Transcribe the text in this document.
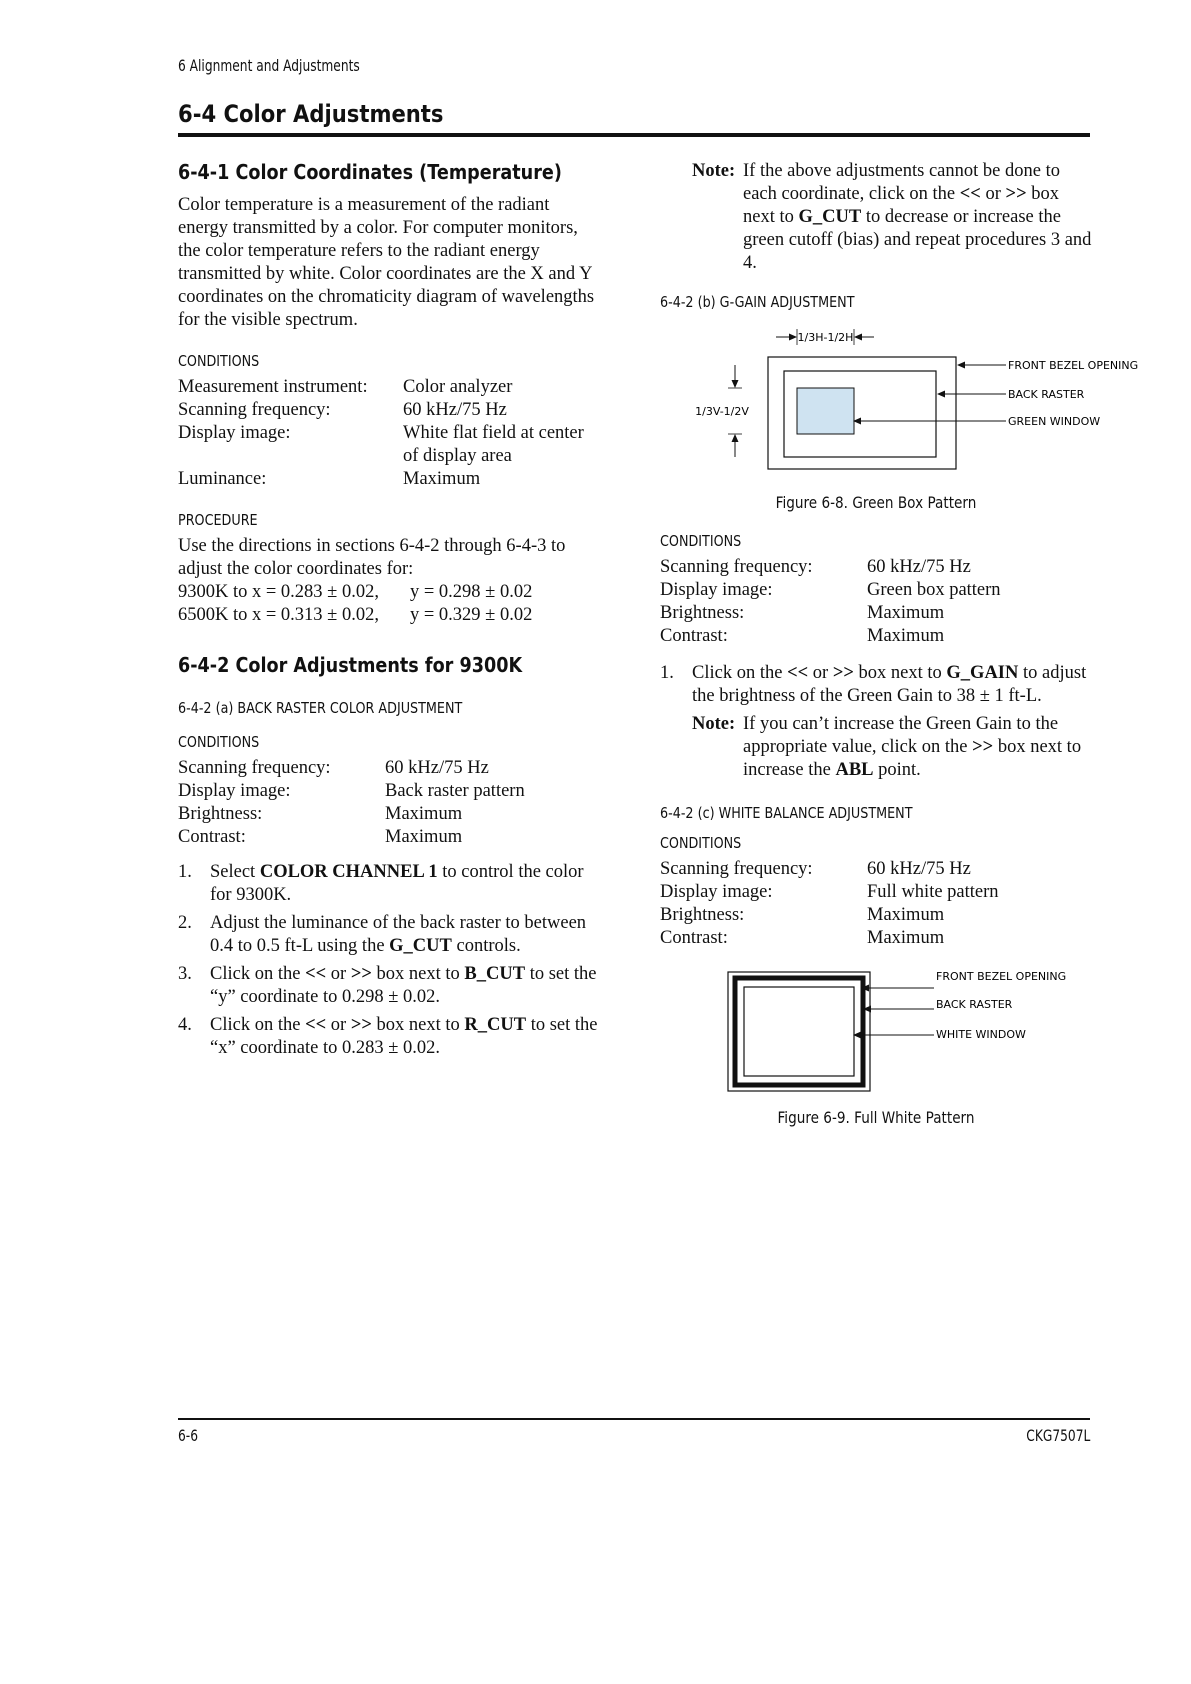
6 Alignment and Adjustments
6-4 Color Adjustments
6-4-1 Color Coordinates (Temperature)

Color temperature is a measurement of the radiant energy transmitted by a color. For computer monitors, the color temperature refers to the radiant energy transmitted by white. Color coordinates are the X and Y coordinates on the chromaticity diagram of wavelengths for the visible spectrum.

CONDITIONS

Measurement instrument:	Color analyzer
Scanning frequency:	60 kHz/75 Hz
Display image:	White flat field at center of display area
Luminance:	Maximum

PROCEDURE

Use the directions in sections 6-4-2 through 6-4-3 to adjust the color coordinates for:

9300K to x = 0.283 ± 0.02,	y = 0.298 ± 0.02
6500K to x = 0.313 ± 0.02,	y = 0.329 ± 0.02
6-4-2 Color Adjustments for 9300K

6-4-2 (a) BACK RASTER COLOR ADJUSTMENT

CONDITIONS

Scanning frequency:	60 kHz/75 Hz
Display image:	Back raster pattern
Brightness:	Maximum
Contrast:	Maximum
1. Select COLOR CHANNEL 1 to control the color for 9300K.
2. Adjust the luminance of the back raster to between 0.4 to 0.5 ft-L using the G_CUT controls.
3. Click on the << or >> box next to B_CUT to set the “y” coordinate to 0.298 ± 0.02.
4. Click on the << or >> box next to R_CUT to set the “x” coordinate to 0.283 ± 0.02.
Note: If the above adjustments cannot be done to each coordinate, click on the << or >> box next to G_CUT to decrease or increase the green cutoff (bias) and repeat procedures 3 and 4.

6-4-2 (b) G-GAIN ADJUSTMENT

1/3H-1/2H
1/3V-1/2V
FRONT BEZEL OPENING
BACK RASTER
GREEN WINDOW
Figure 6-8. Green Box Pattern

CONDITIONS

Scanning frequency:	60 kHz/75 Hz
Display image:	Green box pattern
Brightness:	Maximum
Contrast:	Maximum
1. Click on the << or >> box next to G_GAIN to adjust the brightness of the Green Gain to 38 ± 1 ft-L.
Note: If you can’t increase the Green Gain to the appropriate value, click on the >> box next to increase the ABL point.

6-4-2 (c) WHITE BALANCE ADJUSTMENT

CONDITIONS

Scanning frequency:	60 kHz/75 Hz
Display image:	Full white pattern
Brightness:	Maximum
Contrast:	Maximum
FRONT BEZEL OPENING
BACK RASTER
WHITE WINDOW
Figure 6-9. Full White Pattern
6-6	CKG7507L
